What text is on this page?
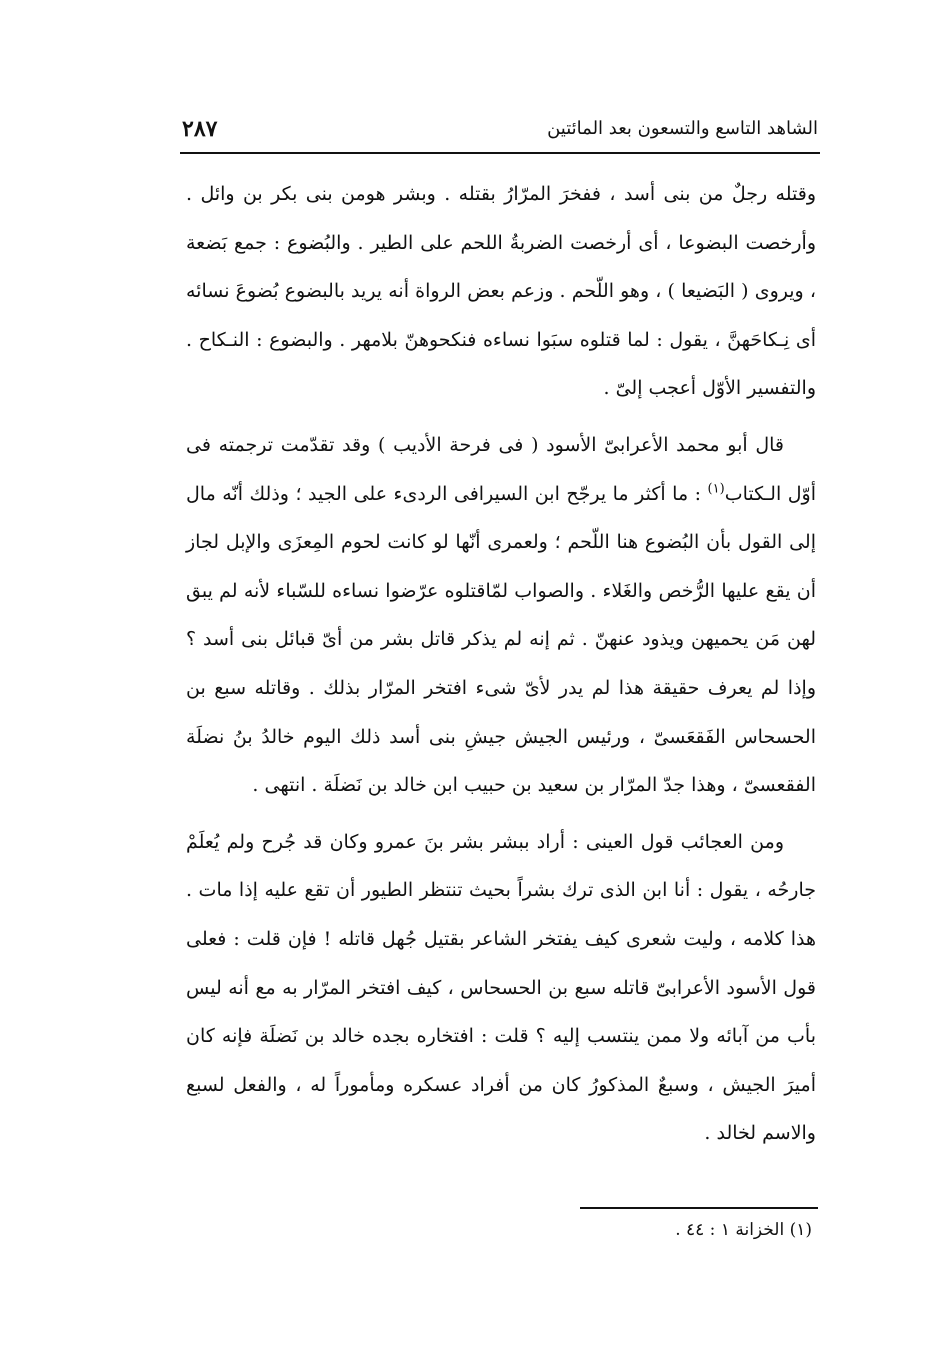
الشاهد التاسع والتسعون بعد المائتين
٢٨٧

وقتله رجلٌ من بنى أسد ، ففخرَ المرّارُ بقتله . وبشر هومن بنى بكر بن وائل . وأرخصت البضوعا ، أى أرخصت الضربةُ اللحم على الطير . والبُضوع : جمع بَضعة ، ويروى ( البَضيعا ) ، وهو اللّحم . وزعم بعض الرواة أنه يريد بالبضوع بُضوعَ نسائه أى نِـكاحَهنَّ ، يقول : لما قتلوه سبَوا نساءه فنكحوهنّ بلامهر . والبضوع : النـكاح . والتفسير الأوّل أعجب إلىّ .

قال أبو محمد الأعرابىّ الأسود ( فى فرحة الأديب ) وقد تقدّمت ترجمته فى أوّل الـكتاب$^{(١)}$ : ما أكثر ما يرجّح ابن السيرافى الردىء على الجيد ؛ وذلك أنّه مال إلى القول بأن البُضوع هنا اللّحم ؛ ولعمرى أنّها لو كانت لحوم المِعزَى والإبل لجاز أن يقع عليها الرُّخص والغَلاء . والصواب لمّاقتلوه عرّضوا نساءه للسّباء لأنه لم يبق لهن مَن يحميهن ويذود عنهنّ . ثم إنه لم يذكر قاتل بشر من أىّ قبائل بنى أسد ؟ وإذا لم يعرف حقيقة هذا لم يدر لأىّ شىء افتخر المرّار بذلك . وقاتله سبع بن الحسحاس الفَقعَسىّ ، ورئيس الجيش جيشِ بنى أسد ذلك اليوم خالدُ بنُ نضلَة الفقعسىّ ، وهذا جدّ المرّار بن سعيد بن حبيب ابن خالد بن نَضلَة . انتهى .

ومن العجائب قول العينى : أراد ببشر بشر بنَ عمرو وكان قد جُرح ولم يُعلَمْ جارحُه ، يقول : أنا ابن الذى ترك بشراً بحيث تنتظر الطيور أن تقع عليه إذا مات . هذا كلامه ، وليت شعرى كيف يفتخر الشاعر بقتيل جُهل قاتله ! فإن قلت : فعلى قول الأسود الأعرابىّ قاتله سبع بن الحسحاس ، كيف افتخر المرّار به مع أنه ليس بأب من آبائه ولا ممن ينتسب إليه ؟ قلت : افتخاره بجده خالد بن نَضلَة فإنه كان أميرَ الجيش ، وسبعٌ المذكورُ كان من أفراد عسكره ومأموراً له ، والفعل لسبع والاسم لخالد .

(١) الخزانة ١ : ٤٤ .
